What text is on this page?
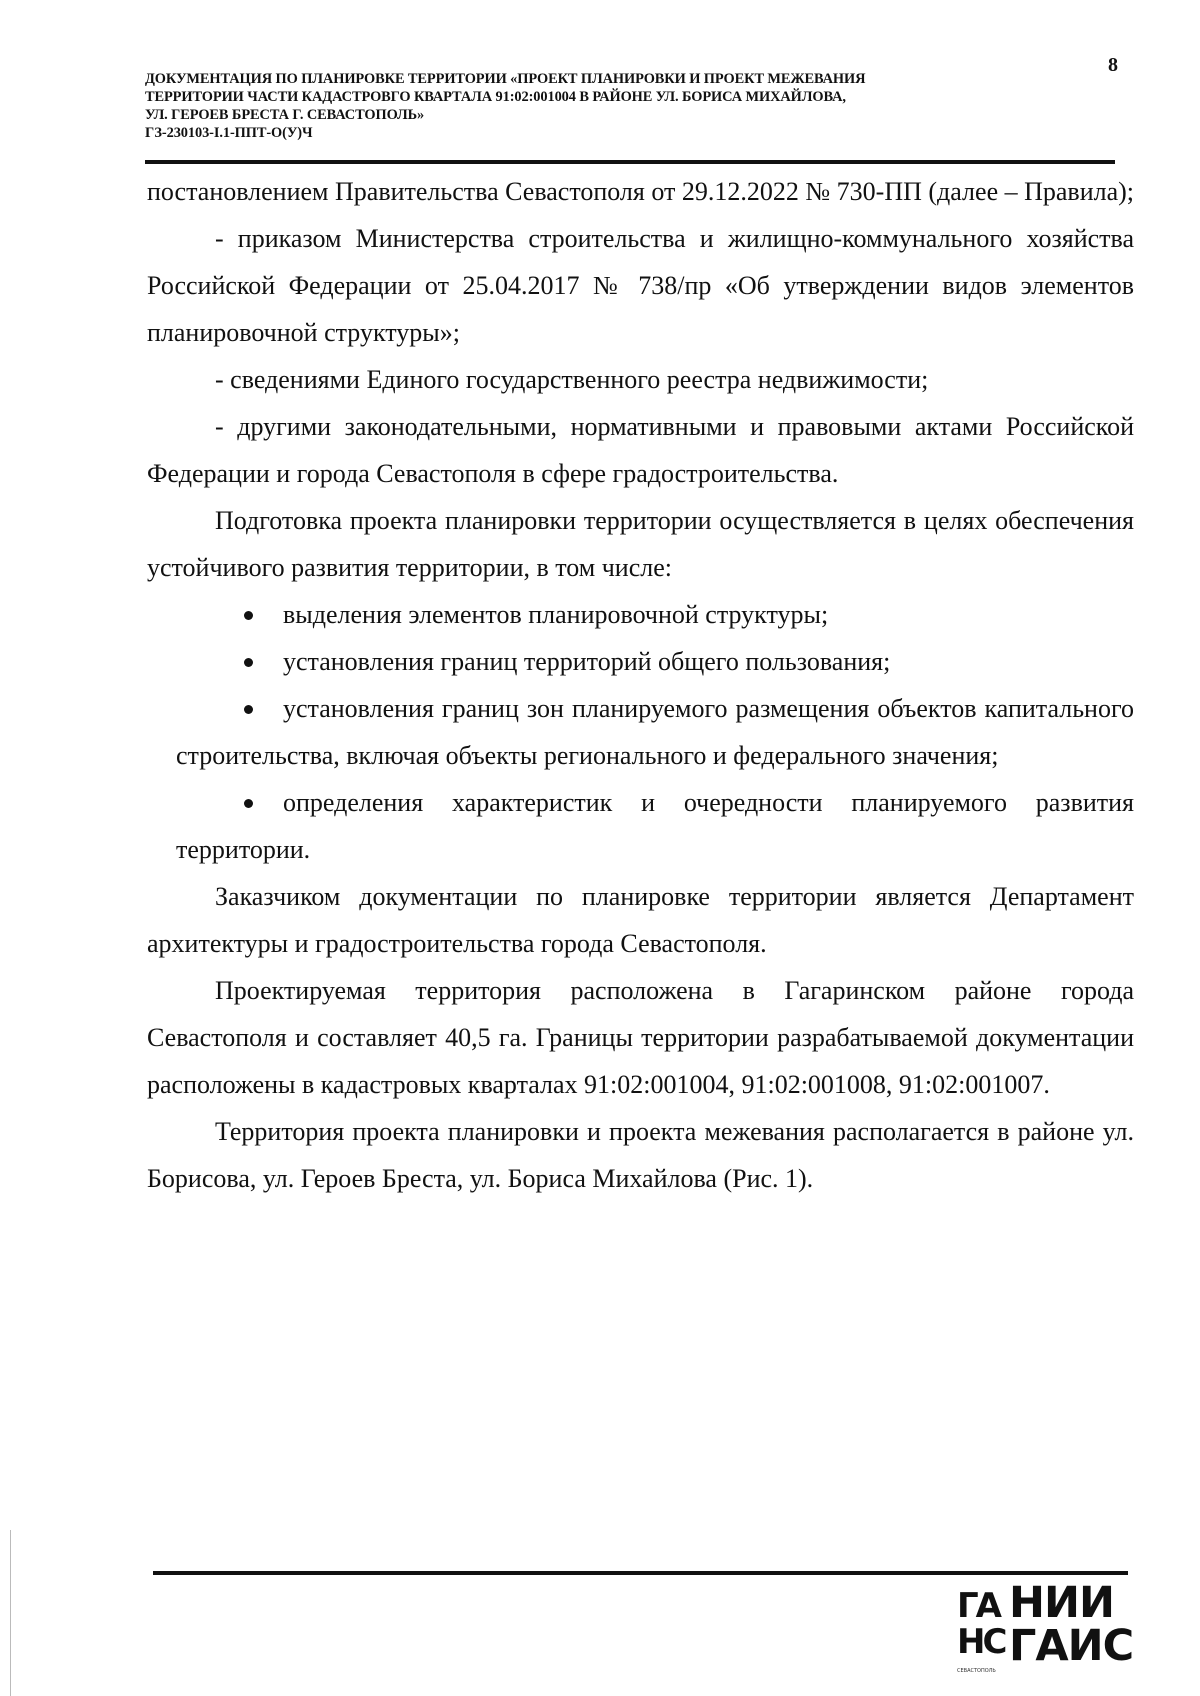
8
ДОКУМЕНТАЦИЯ ПО ПЛАНИРОВКЕ ТЕРРИТОРИИ «ПРОЕКТ ПЛАНИРОВКИ И ПРОЕКТ МЕЖЕВАНИЯ
ТЕРРИТОРИИ ЧАСТИ КАДАСТРОВГО КВАРТАЛА 91:02:001004 В РАЙОНЕ УЛ. БОРИСА МИХАЙЛОВА,
УЛ. ГЕРОЕВ БРЕСТА Г. СЕВАСТОПОЛЬ»
ГЗ-230103-I.1-ППТ-О(У)Ч

постановлением Правительства Севастополя от 29.12.2022 № 730-ПП (далее – Правила);

- приказом Министерства строительства и жилищно-коммунального хозяйства Российской Федерации от 25.04.2017 № 738/пр «Об утверждении видов элементов планировочной структуры»;

- сведениями Единого государственного реестра недвижимости;

- другими законодательными, нормативными и правовыми актами Российской Федерации и города Севастополя в сфере градостроительства.

Подготовка проекта планировки территории осуществляется в целях обеспечения устойчивого развития территории, в том числе:

выделения элементов планировочной структуры;
установления границ территорий общего пользования;
установления границ зон планируемого размещения объектов капитального строительства, включая объекты регионального и федерального значения;
определения характеристик и очередности планируемого развития территории.

Заказчиком документации по планировке территории является Департамент архитектуры и градостроительства города Севастополя.

Проектируемая территория расположена в Гагаринском районе города Севастополя и составляет 40,5 га. Границы территории разрабатываемой документации расположены в кадастровых кварталах 91:02:001004, 91:02:001008, 91:02:001007.

Территория проекта планировки и проекта межевания располагается в районе ул. Борисова, ул. Героев Бреста, ул. Бориса Михайлова (Рис. 1).

ГА
НС
НИИ
ГАИС
СЕВАСТОПОЛЬ
